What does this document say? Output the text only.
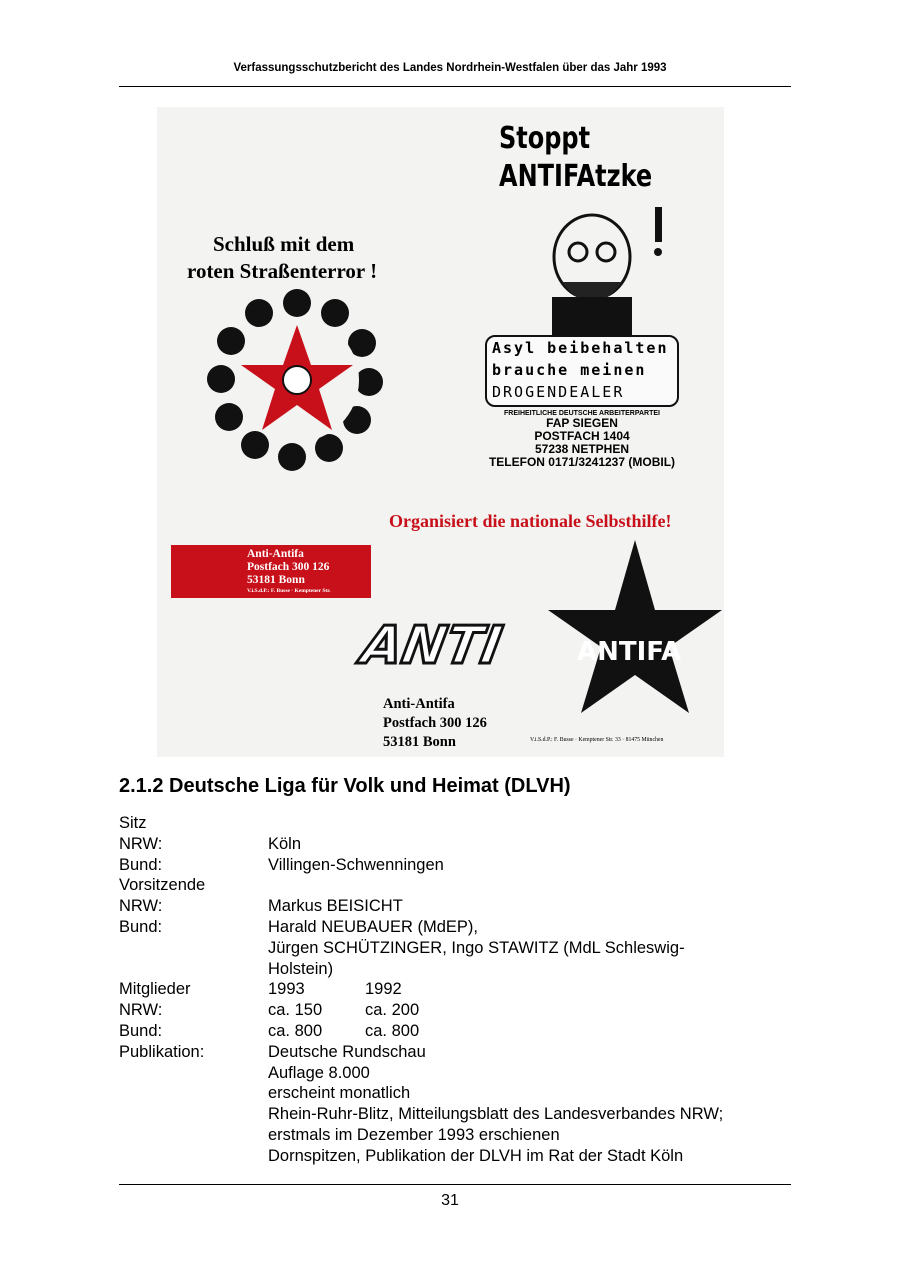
Verfassungsschutzbericht des Landes Nordrhein-Westfalen über das Jahr 1993
Schluß mit dem
roten Straßenterror !
Stoppt
ANTIFAtzke
Asyl beibehalten
brauche meinen
DROGENDEALER
FREIHEITLICHE DEUTSCHE ARBEITERPARTEI
FAP SIEGEN
POSTFACH 1404
57238 NETPHEN
TELEFON 0171/3241237 (MOBIL)
Organisiert die nationale Selbsthilfe!
Anti-Antifa
Postfach 300 126
53181 Bonn
V.i.S.d.P.: F. Busse · Kemptener Str.
ANTI	ANTIFA
Anti-Antifa
Postfach 300 126
53181 Bonn	V.i.S.d.P.: F. Busse · Kemptener Str. 33 · 81475 München
2.1.2 Deutsche Liga für Volk und Heimat (DLVH)
Sitz
NRW:	Köln
Bund:	Villingen-Schwenningen
Vorsitzende
NRW:	Markus BEISICHT
Bund:	Harald NEUBAUER (MdEP),
Jürgen SCHÜTZINGER, Ingo STAWITZ (MdL Schleswig-
Holstein)
Mitglieder	1993	1992
NRW:	ca. 150	ca. 200
Bund:	ca. 800	ca. 800
Publikation:	Deutsche Rundschau
Auflage 8.000
erscheint monatlich
Rhein-Ruhr-Blitz, Mitteilungsblatt des Landesverbandes NRW;
erstmals im Dezember 1993 erschienen
Dornspitzen, Publikation der DLVH im Rat der Stadt Köln
31
